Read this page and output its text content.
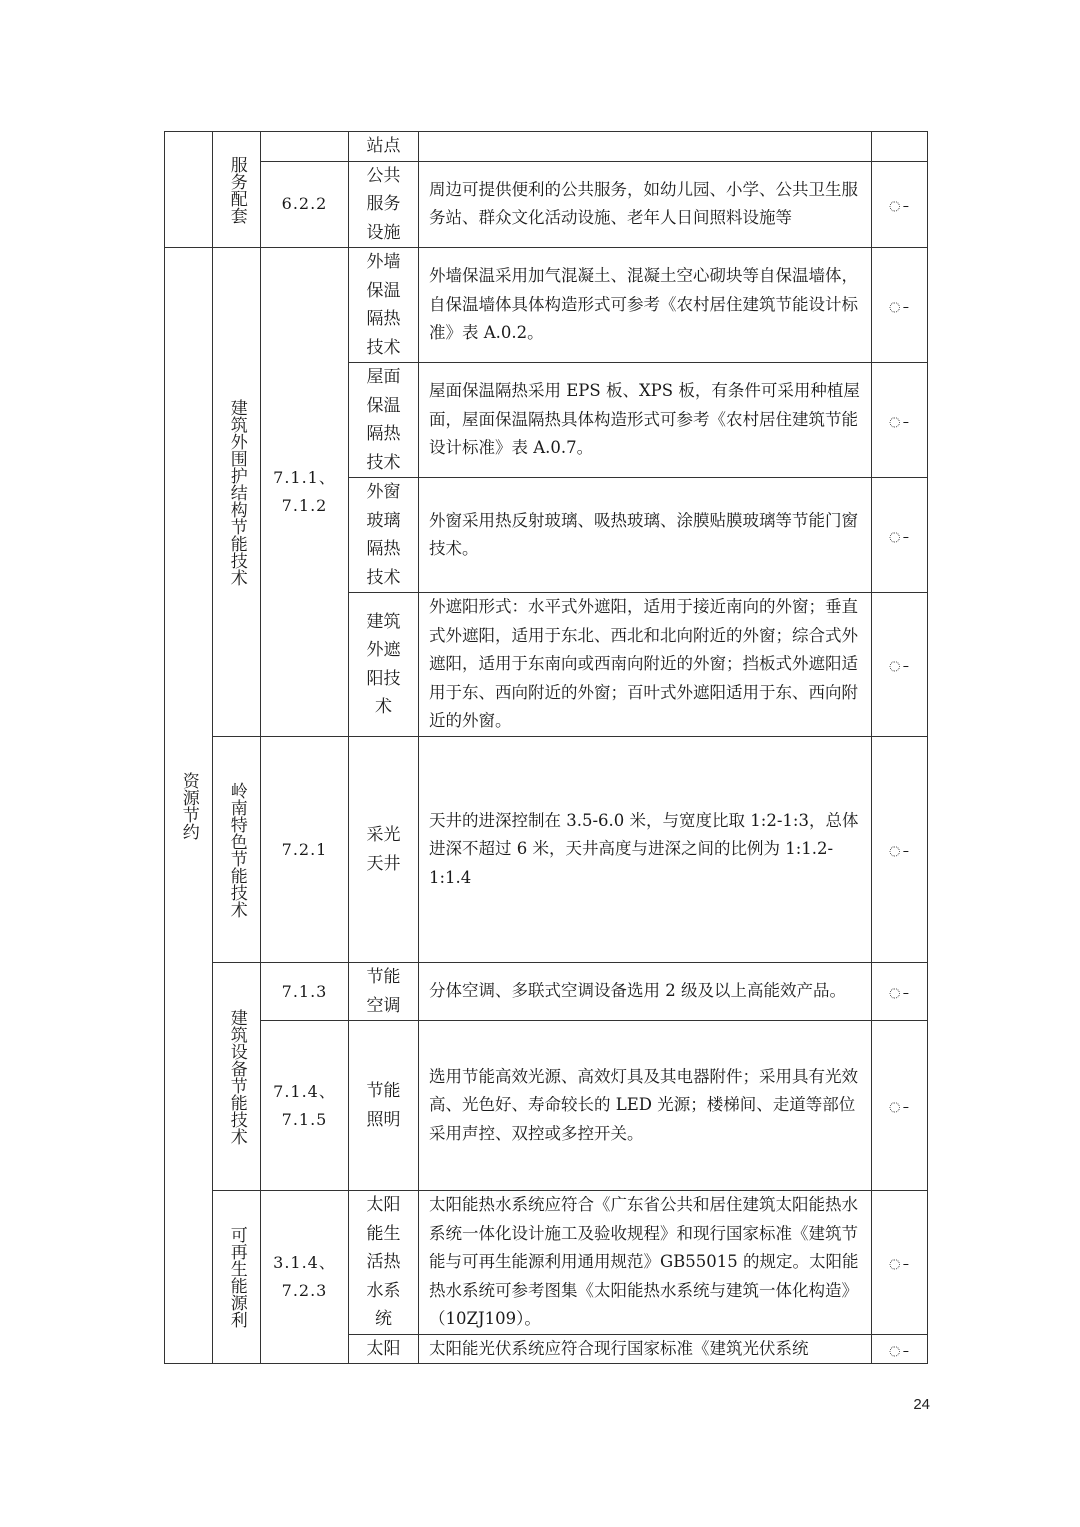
	服务配套		站点		
		6.2.2	公共
服务
设施	周边可提供便利的公共服务，如幼儿园、小学、公共卫生服务站、群众文化活动设施、老年人日间照料设施等	ꩽ

资源节约	建筑外围护结构节能技术	7.1.1、
7.1.2	外墙
保温
隔热
技术	外墙保温采用加气混凝土、混凝土空心砌块等自保温墙体，自保温墙体具体构造形式可参考《农村居住建筑节能设计标准》表 A.0.2。	ꩽ
			屋面
保温
隔热
技术	屋面保温隔热采用 EPS 板、XPS 板，有条件可采用种植屋面，屋面保温隔热具体构造形式可参考《农村居住建筑节能设计标准》表 A.0.7。	ꩽ
			外窗
玻璃
隔热
技术	外窗采用热反射玻璃、吸热玻璃、涂膜贴膜玻璃等节能门窗技术。	ꩽ
			建筑
外遮
阳技
术	外遮阳形式：水平式外遮阳，适用于接近南向的外窗；垂直式外遮阳，适用于东北、西北和北向附近的外窗；综合式外遮阳，适用于东南向或西南向附近的外窗；挡板式外遮阳适用于东、西向附近的外窗；百叶式外遮阳适用于东、西向附近的外窗。	ꩽ

	岭南特色节能技术	7.2.1	采光
天井	天井的进深控制在 3.5-6.0 米，与宽度比取 1:2-1:3，总体进深不超过 6 米，天井高度与进深之间的比例为 1:1.2-1:1.4	ꩽ

	建筑设备节能技术	7.1.3	节能
空调	分体空调、多联式空调设备选用 2 级及以上高能效产品。	ꩽ

		7.1.4、
7.1.5	节能
照明	选用节能高效光源、高效灯具及其电器附件；采用具有光效高、光色好、寿命较长的 LED 光源；楼梯间、走道等部位采用声控、双控或多控开关。	ꩽ

	可再生能源利	3.1.4、
7.2.3	太阳
能生
活热
水系
统	太阳能热水系统应符合《广东省公共和居住建筑太阳能热水系统一体化设计施工及验收规程》和现行国家标准《建筑节能与可再生能源利用通用规范》GB55015 的规定。太阳能热水系统可参考图集《太阳能热水系统与建筑一体化构造》（10ZJ109）。	ꩽ
			太阳	太阳能光伏系统应符合现行国家标准《建筑光伏系统	ꩽ
24
